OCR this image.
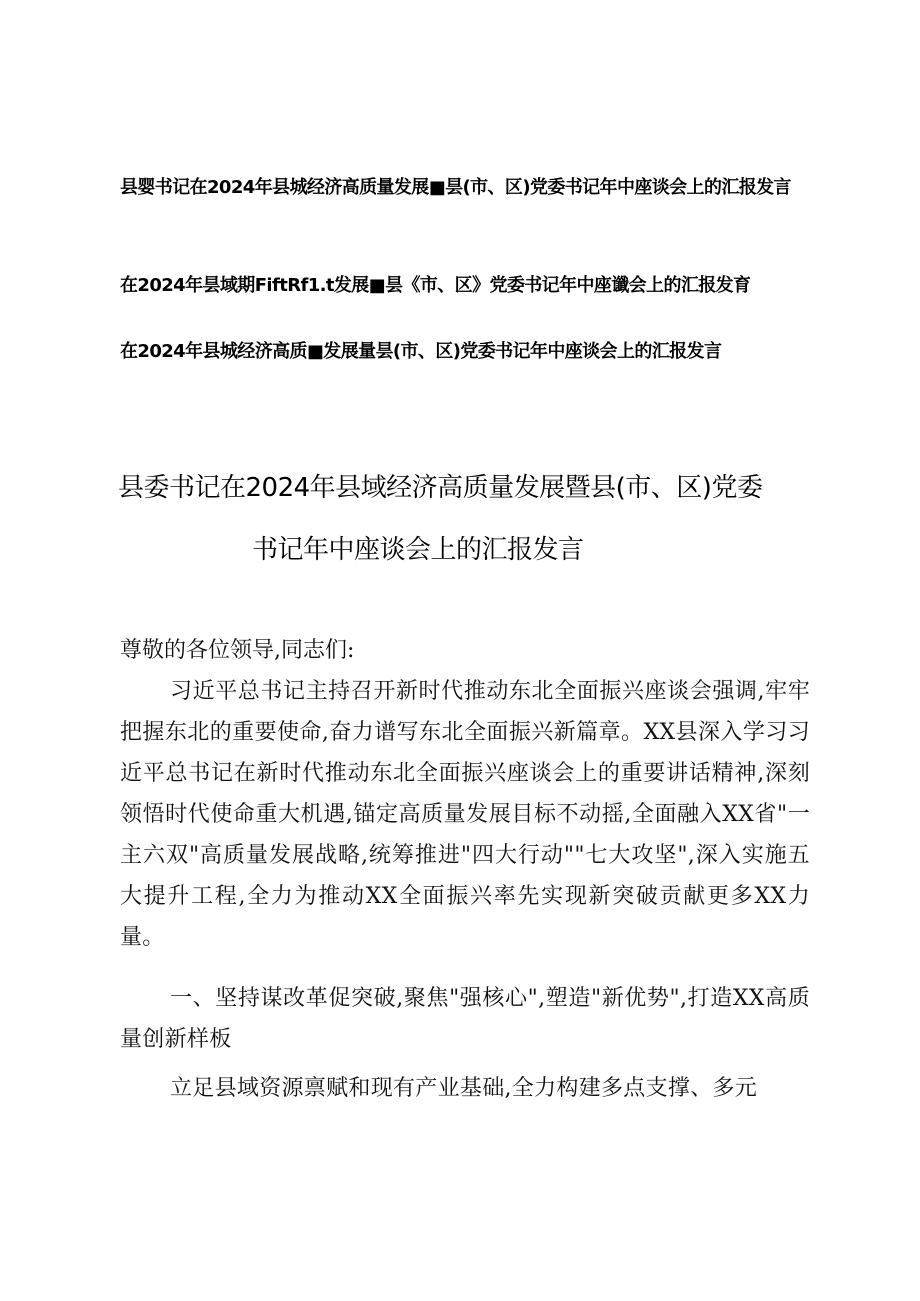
县婴书记在2024年县城经济高质量发展■昙(市、区)党委书记年中座谈会上的汇报发言
在2024年昙域期FiftRf1.t发展■昙《市、区》党委书记年中座谶会上的汇报发育
在2024年县城经济高质■发展量昙(市、区)党委书记年中座谈会上的汇报发言
县委书记在2024年县域经济高质量发展暨县(市、区)党委
书记年中座谈会上的汇报发言
尊敬的各位领导,同志们:

习近平总书记主持召开新时代推动东北全面振兴座谈会强调,牢牢把握东北的重要使命,奋力谱写东北全面振兴新篇章。XX县深入学习习近平总书记在新时代推动东北全面振兴座谈会上的重要讲话精神,深刻领悟时代使命重大机遇,锚定高质量发展目标不动摇,全面融入XX省"一主六双"高质量发展战略,统筹推进"四大行动""七大攻坚",深入实施五大提升工程,全力为推动XX全面振兴率先实现新突破贡献更多XX力量。

一、坚持谋改革促突破,聚焦"强核心",塑造"新优势",打造XX高质量创新样板

立足县域资源禀赋和现有产业基础,全力构建多点支撑、多元
